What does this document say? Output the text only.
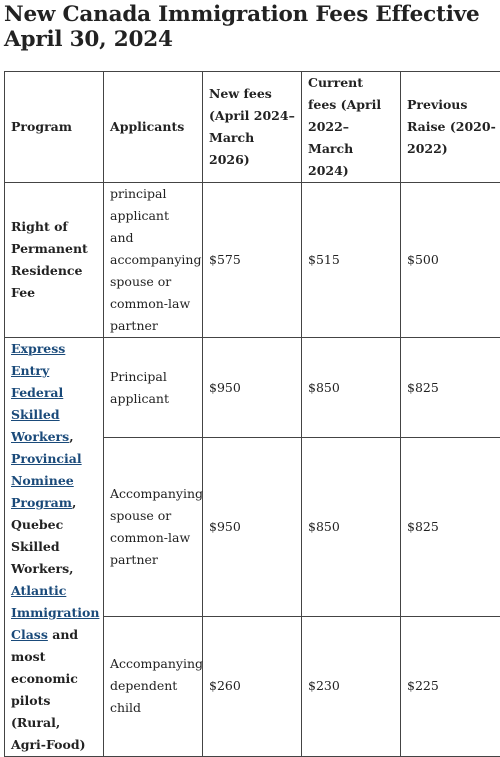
New Canada Immigration Fees Effective April 30, 2024
Program	Applicants	New fees (April 2024–March 2026)	Current fees (April 2022–March 2024)	Previous Raise (2020-2022)
Right of Permanent Residence Fee	principal applicant and accompanying spouse or common-law partner	$575	$515	$500
Express Entry Federal Skilled Workers, Provincial Nominee Program, Quebec Skilled Workers, Atlantic Immigration Class and most economic pilots (Rural, Agri-Food)	Principal applicant	$950	$850	$825
	Accompanying spouse or common-law partner	$950	$850	$825
	Accompanying dependent child	$260	$230	$225
